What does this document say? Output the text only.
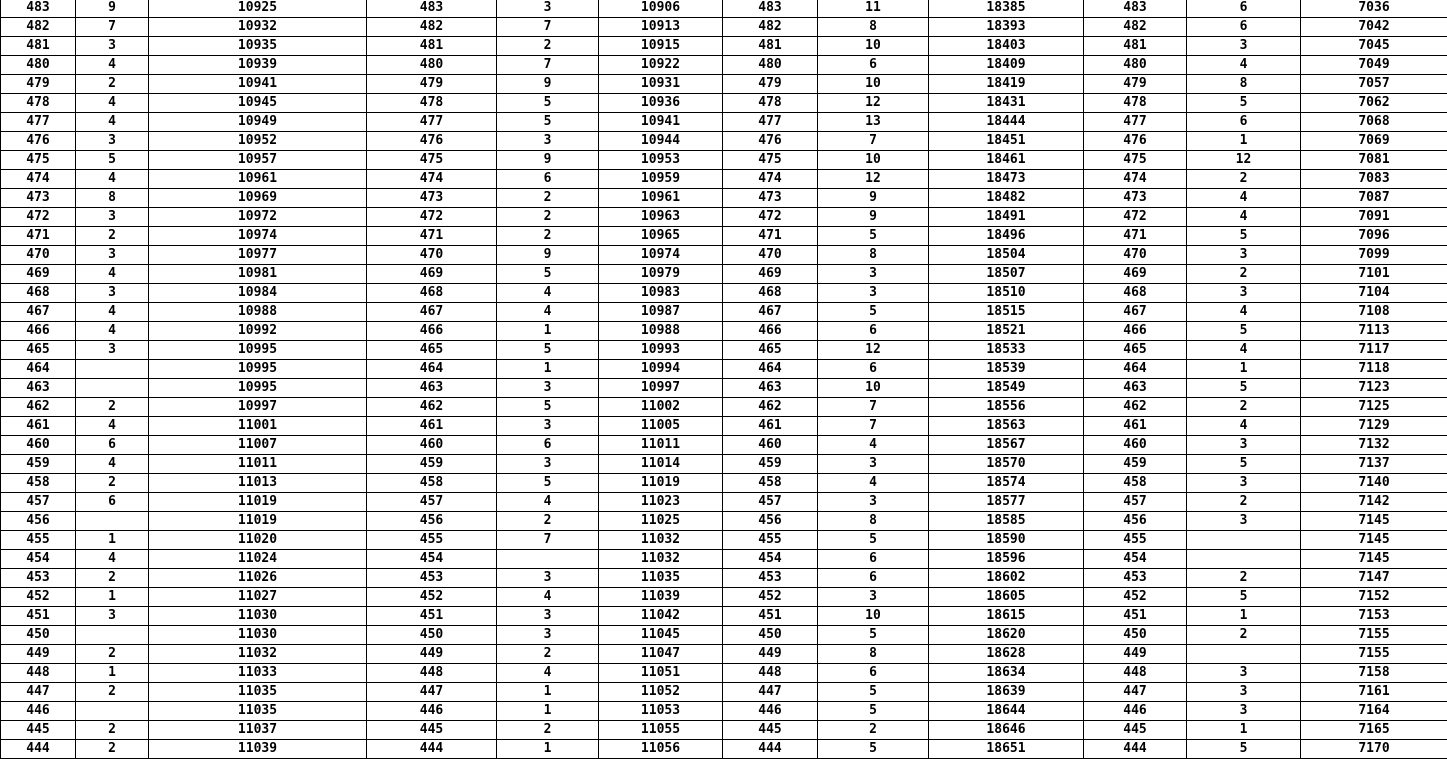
483	9	10925	483	3	10906	483	11	18385	483	6	7036
482	7	10932	482	7	10913	482	8	18393	482	6	7042
481	3	10935	481	2	10915	481	10	18403	481	3	7045
480	4	10939	480	7	10922	480	6	18409	480	4	7049
479	2	10941	479	9	10931	479	10	18419	479	8	7057
478	4	10945	478	5	10936	478	12	18431	478	5	7062
477	4	10949	477	5	10941	477	13	18444	477	6	7068
476	3	10952	476	3	10944	476	7	18451	476	1	7069
475	5	10957	475	9	10953	475	10	18461	475	12	7081
474	4	10961	474	6	10959	474	12	18473	474	2	7083
473	8	10969	473	2	10961	473	9	18482	473	4	7087
472	3	10972	472	2	10963	472	9	18491	472	4	7091
471	2	10974	471	2	10965	471	5	18496	471	5	7096
470	3	10977	470	9	10974	470	8	18504	470	3	7099
469	4	10981	469	5	10979	469	3	18507	469	2	7101
468	3	10984	468	4	10983	468	3	18510	468	3	7104
467	4	10988	467	4	10987	467	5	18515	467	4	7108
466	4	10992	466	1	10988	466	6	18521	466	5	7113
465	3	10995	465	5	10993	465	12	18533	465	4	7117
464		10995	464	1	10994	464	6	18539	464	1	7118
463		10995	463	3	10997	463	10	18549	463	5	7123
462	2	10997	462	5	11002	462	7	18556	462	2	7125
461	4	11001	461	3	11005	461	7	18563	461	4	7129
460	6	11007	460	6	11011	460	4	18567	460	3	7132
459	4	11011	459	3	11014	459	3	18570	459	5	7137
458	2	11013	458	5	11019	458	4	18574	458	3	7140
457	6	11019	457	4	11023	457	3	18577	457	2	7142
456		11019	456	2	11025	456	8	18585	456	3	7145
455	1	11020	455	7	11032	455	5	18590	455		7145
454	4	11024	454		11032	454	6	18596	454		7145
453	2	11026	453	3	11035	453	6	18602	453	2	7147
452	1	11027	452	4	11039	452	3	18605	452	5	7152
451	3	11030	451	3	11042	451	10	18615	451	1	7153
450		11030	450	3	11045	450	5	18620	450	2	7155
449	2	11032	449	2	11047	449	8	18628	449		7155
448	1	11033	448	4	11051	448	6	18634	448	3	7158
447	2	11035	447	1	11052	447	5	18639	447	3	7161
446		11035	446	1	11053	446	5	18644	446	3	7164
445	2	11037	445	2	11055	445	2	18646	445	1	7165
444	2	11039	444	1	11056	444	5	18651	444	5	7170
